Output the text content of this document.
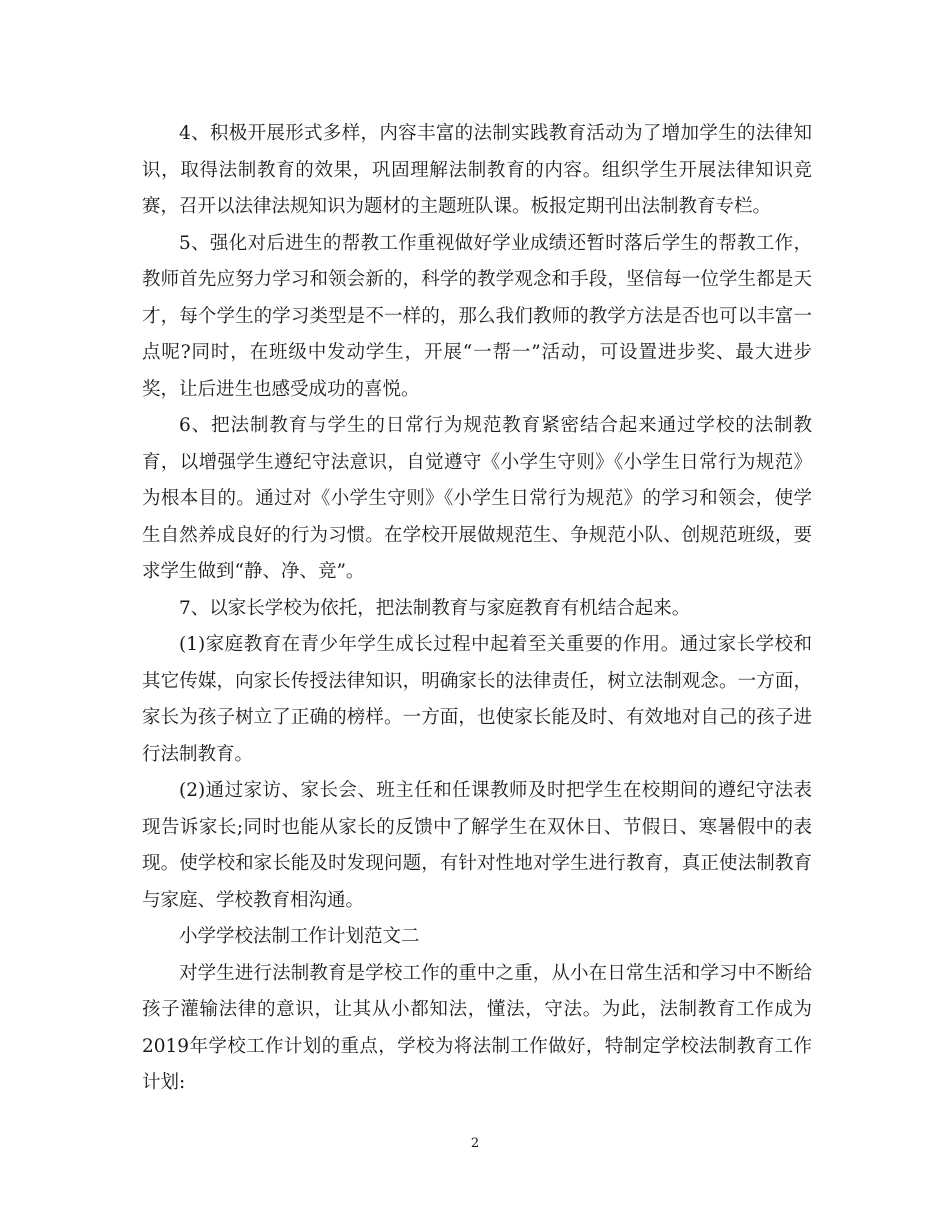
4、积极开展形式多样，内容丰富的法制实践教育活动为了增加学生的法律知识，取得法制教育的效果，巩固理解法制教育的内容。组织学生开展法律知识竞赛，召开以法律法规知识为题材的主题班队课。板报定期刊出法制教育专栏。

5、强化对后进生的帮教工作重视做好学业成绩还暂时落后学生的帮教工作，教师首先应努力学习和领会新的，科学的教学观念和手段，坚信每一位学生都是天才，每个学生的学习类型是不一样的，那么我们教师的教学方法是否也可以丰富一点呢?同时，在班级中发动学生，开展“一帮一”活动，可设置进步奖、最大进步奖，让后进生也感受成功的喜悦。

6、把法制教育与学生的日常行为规范教育紧密结合起来通过学校的法制教育，以增强学生遵纪守法意识，自觉遵守《小学生守则》《小学生日常行为规范》为根本目的。通过对《小学生守则》《小学生日常行为规范》的学习和领会，使学生自然养成良好的行为习惯。在学校开展做规范生、争规范小队、创规范班级，要求学生做到“静、净、竞”。

7、以家长学校为依托，把法制教育与家庭教育有机结合起来。

(1)家庭教育在青少年学生成长过程中起着至关重要的作用。通过家长学校和其它传媒，向家长传授法律知识，明确家长的法律责任，树立法制观念。一方面，家长为孩子树立了正确的榜样。一方面，也使家长能及时、有效地对自己的孩子进行法制教育。

(2)通过家访、家长会、班主任和任课教师及时把学生在校期间的遵纪守法表现告诉家长;同时也能从家长的反馈中了解学生在双休日、节假日、寒暑假中的表现。使学校和家长能及时发现问题，有针对性地对学生进行教育，真正使法制教育与家庭、学校教育相沟通。

小学学校法制工作计划范文二

对学生进行法制教育是学校工作的重中之重，从小在日常生活和学习中不断给孩子灌输法律的意识，让其从小都知法，懂法，守法。为此，法制教育工作成为2019年学校工作计划的重点，学校为将法制工作做好，特制定学校法制教育工作计划:

2
